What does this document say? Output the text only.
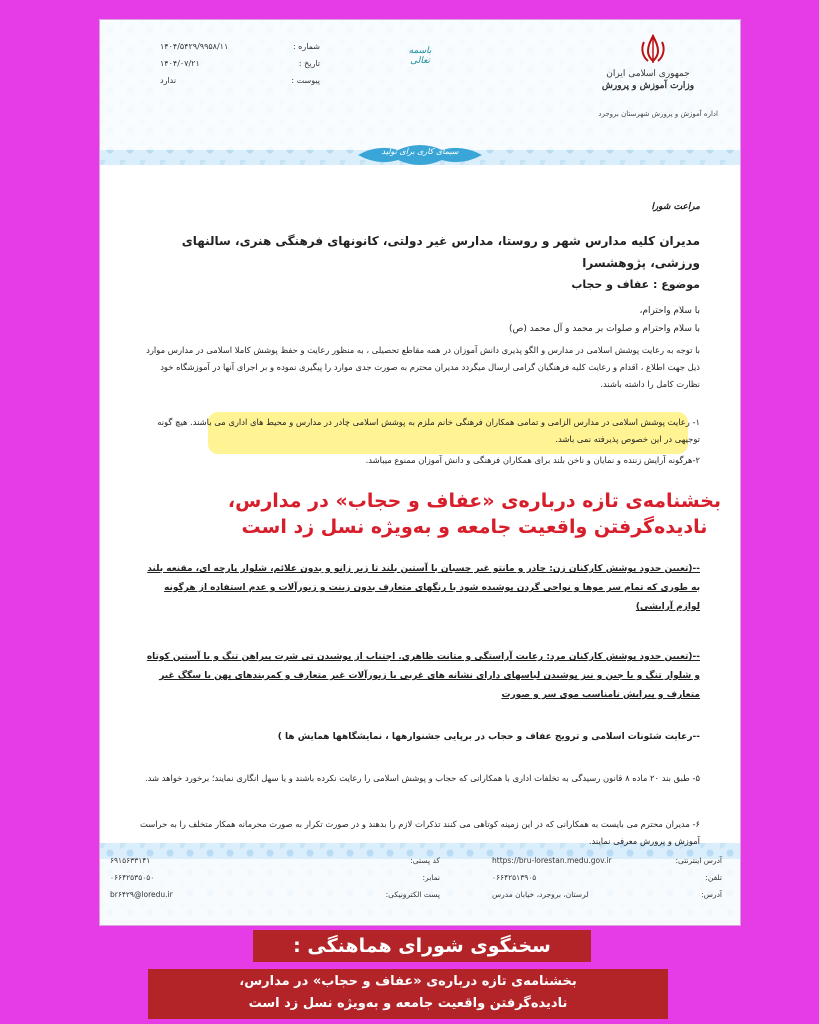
جمهوری اسلامی ایران
وزارت آموزش و پرورش
اداره آموزش و پرورش شهرستان بروجرد
باسمه تعالی
شماره :
۱۴۰۴/۵۴۲۹/۹۹۵۸/۱۱
تاریخ :
۱۴۰۴/۰۷/۲۱
پیوست :
ندارد
سیمای کاری برای تولید
مراعت شورا
مدیران کلیه مدارس شهر و روستا، مدارس غیر دولتی، کانونهای فرهنگی هنری، سالنهای ورزشی، پژوهشسرا
موضوع : عفاف و حجاب
با سلام واحترام،
با سلام واحترام و صلوات بر محمد و آل محمد (ص)
با توجه به رعایت پوشش اسلامی در مدارس و الگو پذیری دانش آموزان در همه مقاطع تحصیلی ، به منظور رعایت و حفظ پوشش کاملا اسلامی در مدارس موارد ذیل جهت اطلاع ، اقدام و رعایت کلیه فرهنگیان گرامی ارسال میگردد مدیران محترم به صورت جدی موارد را پیگیری نموده و بر اجرای آنها در آموزشگاه خود نظارت کامل را داشته باشند.
۱- رعایت پوشش اسلامی در مدارس الزامی و تمامی همکاران فرهنگی خانم ملزم به پوشش اسلامی چادر در مدارس و محیط های اداری می باشند. هیچ گونه توجیهی در این خصوص پذیرفته نمی باشد.
۲-هرگونه آرایش زننده و نمایان و ناخن بلند برای همکاران فرهنگی و دانش آموزان ممنوع میباشد.
--(تعیین حدود پوشش کارکنان زن: چادر و مانتو غیر چسبان با آستین بلند تا زیر زانو و بدون علائم، شلوار پارچه ای، مقنعه بلند به طوری که تمام سر موها و نواحی گردن پوشیده شود با رنگهای متعارف بدون زینت و زیورآلات و عدم استفاده از هرگونه لوازم آرایشی)
--(تعیین حدود پوشش کارکنان مرد: رعایت آراستگی و متانت ظاهری. اجتناب از پوشیدن تی شرت پیراهن تنگ و یا آستین کوتاه و شلوار تنگ و یا جین و نیز پوشیدن لباسهای دارای نشانه های غربی یا زیورآلات غیر متعارف و کمربندهای پهن یا سگگ غیر متعارف و پیرایش نامناسب موی سر و صورت
--رعایت شئونات اسلامی و ترویج عفاف و حجاب در برپایی جشنوارهها ، نمایشگاهها همایش ها )
۵- طبق بند ۲۰ ماده ۸ قانون رسیدگی به تخلفات اداری با همکارانی که حجاب و پوشش اسلامی را رعایت نکرده باشند و یا سهل انگاری نمایند؛ برخورد خواهد شد.
۶- مدیران محترم می بایست به همکارانی که در این زمینه کوتاهی می کنند تذکرات لازم را بدهند و در صورت تکرار به صورت محرمانه همکار متخلف را به حراست آموزش و پرورش معرفی نمایند.
آدرس اینترنتی:
https://bru-lorestan.medu.gov.ir
تلفن:
۰۶۶۴۲۵۱۳۹۰۵
آدرس:
لرستان، بروجرد، خیابان مدرس
کد پستی:
نمابر:
پست الکترونیکی:
۶۹۱۵۶۳۳۱۴۱
۰۶۶۴۲۵۳۵۰۵۰
br۶۴۲۹@loredu.ir
بخشنامه‌ی تازه درباره‌ی «عفاف و حجاب» در مدارس،
نادیده‌گرفتن واقعیت جامعه و به‌ویژه نسل زد است
سخنگوی شورای هماهنگی :
بخشنامه‌ی تازه درباره‌ی «عفاف و حجاب» در مدارس،
نادیده‌گرفتن واقعیت جامعه و به‌ویژه نسل زد است
